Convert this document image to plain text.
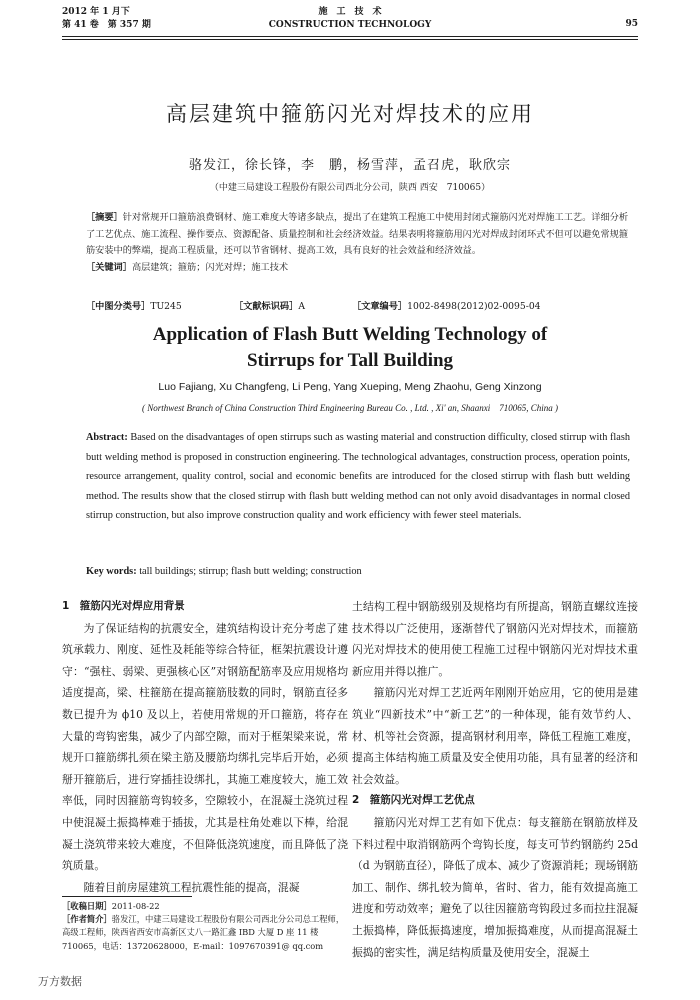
2012 年 1 月下
第 41 卷　第 357 期
施　工　技　术
CONSTRUCTION TECHNOLOGY	95
高层建筑中箍筋闪光对焊技术的应用
骆发江，徐长锋，李　鹏，杨雪萍，孟召虎，耿欣宗
（中建三局建设工程股份有限公司西北分公司，陕西 西安　710065）
［摘要］针对常规开口箍筋浪费钢材、施工难度大等诸多缺点，提出了在建筑工程施工中使用封闭式箍筋闪光对焊施工工艺。详细分析了工艺优点、施工流程、操作要点、资源配备、质量控制和社会经济效益。结果表明将箍筋用闪光对焊成封闭环式不但可以避免常规箍筋安装中的弊端，提高工程质量，还可以节省钢材、提高工效，具有良好的社会效益和经济效益。
［关键词］高层建筑；箍筋；闪光对焊；施工技术
［中图分类号］TU245	［文献标识码］A	［文章编号］1002-8498(2012)02-0095-04
Application of Flash Butt Welding Technology of
Stirrups for Tall Building
Luo Fajiang, Xu Changfeng, Li Peng, Yang Xueping, Meng Zhaohu, Geng Xinzong
( Northwest Branch of China Construction Third Engineering Bureau Co. , Ltd. , Xi' an, Shaanxi　710065, China )
Abstract: Based on the disadvantages of open stirrups such as wasting material and construction difficulty, closed stirrup with flash butt welding method is proposed in construction engineering. The technological advantages, construction process, operation points, resource arrangement, quality control, social and economic benefits are introduced for the closed stirrup with flash butt welding method. The results show that the closed stirrup with flash butt welding method can not only avoid disadvantages in normal closed stirrup construction, but also improve construction quality and work efficiency with fewer steel materials.
Key words: tall buildings; stirrup; flash butt welding; construction
1　箍筋闪光对焊应用背景

为了保证结构的抗震安全，建筑结构设计充分考虑了建筑承载力、刚度、延性及耗能等综合特征，框架抗震设计遵守：“强柱、弱梁、更强核心区”对钢筋配筋率及应用规格均适度提高，梁、柱箍筋在提高箍筋肢数的同时，钢筋直径多数已提升为 ϕ10 及以上，若使用常规的开口箍筋，将存在大量的弯钩密集，减少了内部空隙，而对于框架梁来说，常规开口箍筋绑扎须在梁主筋及腰筋均绑扎完毕后开始，必须掰开箍筋后，进行穿插挂设绑扎，其施工难度较大，施工效率低，同时因箍筋弯钩较多，空隙较小，在混凝土浇筑过程中使混凝土振捣棒难于插拔，尤其是柱角处难以下棒，给混凝土浇筑带来较大难度，不但降低浇筑速度，而且降低了浇筑质量。

随着目前房屋建筑工程抗震性能的提高，混凝

土结构工程中钢筋级别及规格均有所提高，钢筋直螺纹连接技术得以广泛使用，逐渐替代了钢筋闪光对焊技术，而箍筋闪光对焊技术的使用使工程施工过程中钢筋闪光对焊技术重新应用并得以推广。

箍筋闪光对焊工艺近两年刚刚开始应用，它的使用是建筑业“四新技术”中“新工艺”的一种体现，能有效节约人、材、机等社会资源，提高钢材利用率，降低工程施工难度，提高主体结构施工质量及安全使用功能，具有显著的经济和社会效益。

2　箍筋闪光对焊工艺优点

箍筋闪光对焊工艺有如下优点：每支箍筋在钢筋放样及下料过程中取消钢筋两个弯钩长度，每支可节约钢筋约 25d（d 为钢筋直径），降低了成本、减少了资源消耗；现场钢筋加工、制作、绑扎较为简单，省时、省力，能有效提高施工进度和劳动效率；避免了以往因箍筋弯钩段过多而拉拄混凝土振捣棒，降低振捣速度，增加振捣难度，从而提高混凝土振捣的密实性，满足结构质量及使用安全，混凝土

［收稿日期］2011-08-22
［作者简介］骆发江，中建三局建设工程股份有限公司西北分公司总工程师，高级工程师，陕西省西安市高新区丈八一路汇鑫 IBD 大厦 D 座 11 楼　710065，电话：13720628000，E-mail：1097670391@ qq.com
万方数据
